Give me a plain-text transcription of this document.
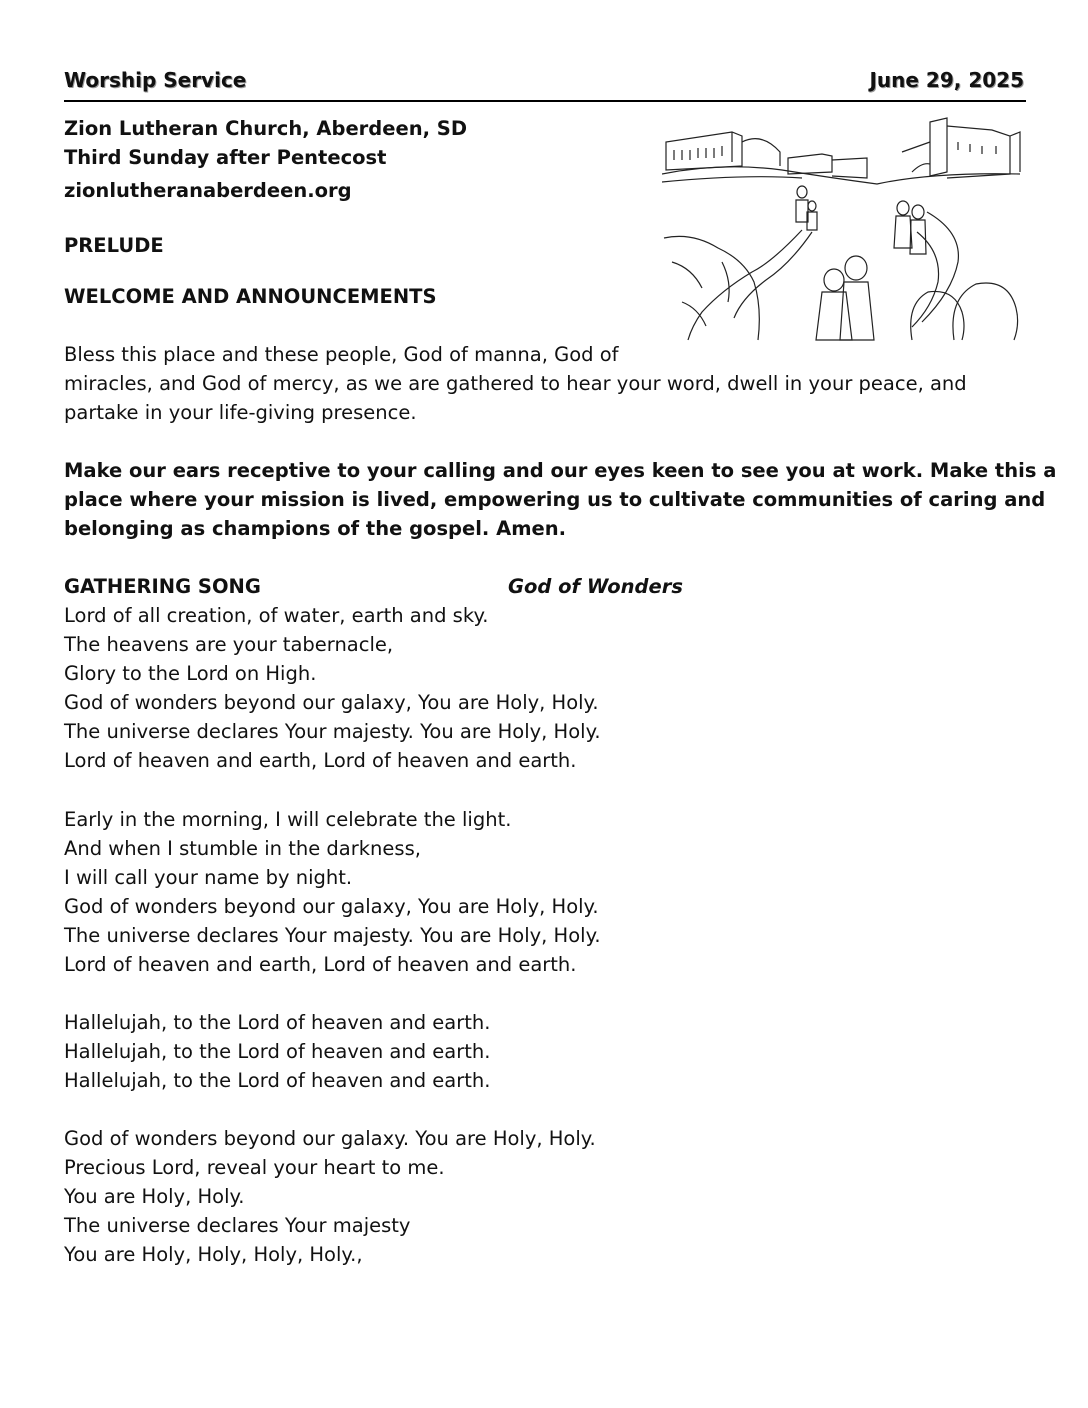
Worship Service	June 29, 2025
Zion Lutheran Church, Aberdeen, SD
Third Sunday after Pentecost
zionlutheranaberdeen.org
PRELUDE
WELCOME AND ANNOUNCEMENTS
Bless this place and these people, God of manna, God of
miracles, and God of mercy, as we are gathered to hear your word, dwell in your peace, and
partake in your life-giving presence.
Make our ears receptive to your calling and our eyes keen to see you at work. Make this a
place where your mission is lived, empowering us to cultivate communities of caring and
belonging as champions of the gospel. Amen.
GATHERING SONG	God of Wonders
Lord of all creation, of water, earth and sky.
The heavens are your tabernacle,
Glory to the Lord on High.
God of wonders beyond our galaxy, You are Holy, Holy.
The universe declares Your majesty. You are Holy, Holy.
Lord of heaven and earth, Lord of heaven and earth.
Early in the morning, I will celebrate the light.
And when I stumble in the darkness,
I will call your name by night.
God of wonders beyond our galaxy, You are Holy, Holy.
The universe declares Your majesty. You are Holy, Holy.
Lord of heaven and earth, Lord of heaven and earth.
Hallelujah, to the Lord of heaven and earth.
Hallelujah, to the Lord of heaven and earth.
Hallelujah, to the Lord of heaven and earth.
God of wonders beyond our galaxy. You are Holy, Holy.
Precious Lord, reveal your heart to me.
You are Holy, Holy.
The universe declares Your majesty
You are Holy, Holy, Holy, Holy.,
